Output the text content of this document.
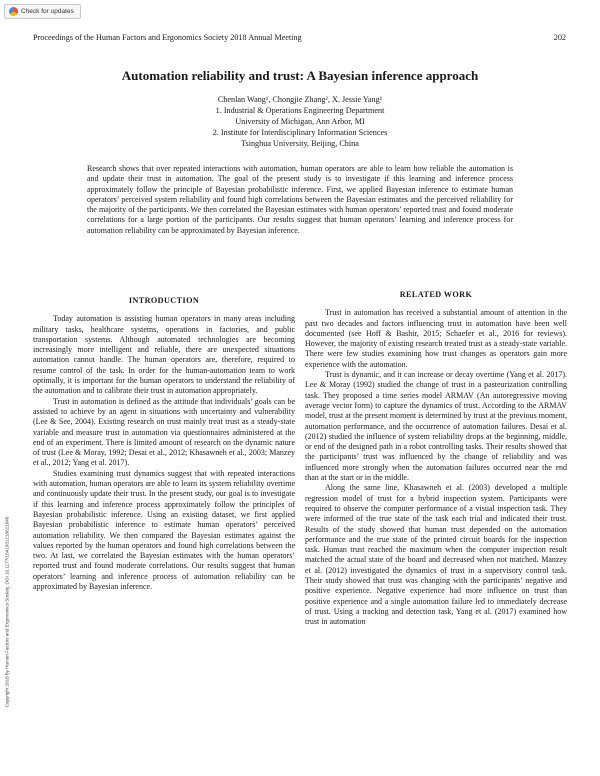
Check for updates
Proceedings of the Human Factors and Ergonomics Society 2018 Annual Meeting	202
Copyright 2018 by Human Factors and Ergonomics Society. DOI 10.1177/1541931218621046
Automation reliability and trust: A Bayesian inference approach
Chenlan Wang¹, Chongjie Zhang², X. Jessie Yang¹
1. Industrial & Operations Engineering Department
University of Michigan, Ann Arbor, MI
2. Institute for Interdisciplinary Information Sciences
Tsinghua University, Beijing, China
Research shows that over repeated interactions with automation, human operators are able to learn how reliable the automation is and update their trust in automation. The goal of the present study is to investigate if this learning and inference process approximately follow the principle of Bayesian probabilistic inference. First, we applied Bayesian inference to estimate human operators’ perceived system reliability and found high correlations between the Bayesian estimates and the perceived reliability for the majority of the participants. We then correlated the Bayesian estimates with human operators’ reported trust and found moderate correlations for a large portion of the participants. Our results suggest that human operators’ learning and inference process for automation reliability can be approximated by Bayesian inference.
INTRODUCTION

Today automation is assisting human operators in many areas including military tasks, healthcare systems, operations in factories, and public transportation systems. Although automated technologies are becoming increasingly more intelligent and reliable, there are unexpected situations automation cannot handle. The human operators are, therefore, required to resume control of the task. In order for the human-automation team to work optimally, it is important for the human operators to understand the reliability of the automation and to calibrate their trust in automation appropriately.

Trust in automation is defined as the attitude that individuals’ goals can be assisted to achieve by an agent in situations with uncertainty and vulnerability (Lee & See, 2004). Existing research on trust mainly treat trust as a steady-state variable and measure trust in automation via questionnaires administered at the end of an experiment. There is limited amount of research on the dynamic nature of trust (Lee & Moray, 1992; Desai et al., 2012; Khasawneh et al., 2003; Manzey et al., 2012; Yang et al. 2017).

Studies examining trust dynamics suggest that with repeated interactions with automation, human operators are able to learn its system reliability overtime and continuously update their trust. In the present study, our goal is to investigate if this learning and inference process approximately follow the principles of Bayesian probabilistic inference. Using an existing dataset, we first applied Bayesian probabilistic inference to estimate human operators’ perceived automation reliability. We then compared the Bayesian estimates against the values reported by the human operators and found high correlations between the two. At last, we correlated the Bayesian estimates with the human operators’ reported trust and found moderate correlations. Our results suggest that human operators’ learning and inference process of automation reliability can be approximated by Bayesian inference.

RELATED WORK

Trust in automation has received a substantial amount of attention in the past two decades and factors influencing trust in automation have been well documented (see Hoff & Bashir, 2015; Schaefer et al., 2016 for reviews). However, the majority of existing research treated trust as a steady-state variable. There were few studies examining how trust changes as operators gain more experience with the automation.

Trust is dynamic, and it can increase or decay overtime (Yang et al. 2017). Lee & Moray (1992) studied the change of trust in a pasteurization controlling task. They proposed a time series model ARMAV (An autoregressive moving average vector form) to capture the dynamics of trust. According to the ARMAV model, trust at the present moment is determined by trust at the previous moment, automation performance, and the occurrence of automation failures. Desai et al. (2012) studied the influence of system reliability drops at the beginning, middle, or end of the designed path in a robot controlling tasks. Their results showed that the participants’ trust was influenced by the change of reliability and was influenced more strongly when the automation failures occurred near the end than at the start or in the middle.

Along the same line, Khasawneh et al. (2003) developed a multiple regression model of trust for a hybrid inspection system. Participants were required to observe the computer performance of a visual inspection task. They were informed of the true state of the task each trial and indicated their trust. Results of the study showed that human trust depended on the automation performance and the true state of the printed circuit boards for the inspection task. Human trust reached the maximum when the computer inspection result matched the actual state of the board and decreased when not matched. Manzey et al. (2012) investigated the dynamics of trust in a supervisory control task. Their study showed that trust was changing with the participants’ negative and positive experience. Negative experience had more influence on trust than positive experience and a single automation failure led to immediately decrease of trust. Using a tracking and detection task, Yang et al. (2017) examined how trust in automation
